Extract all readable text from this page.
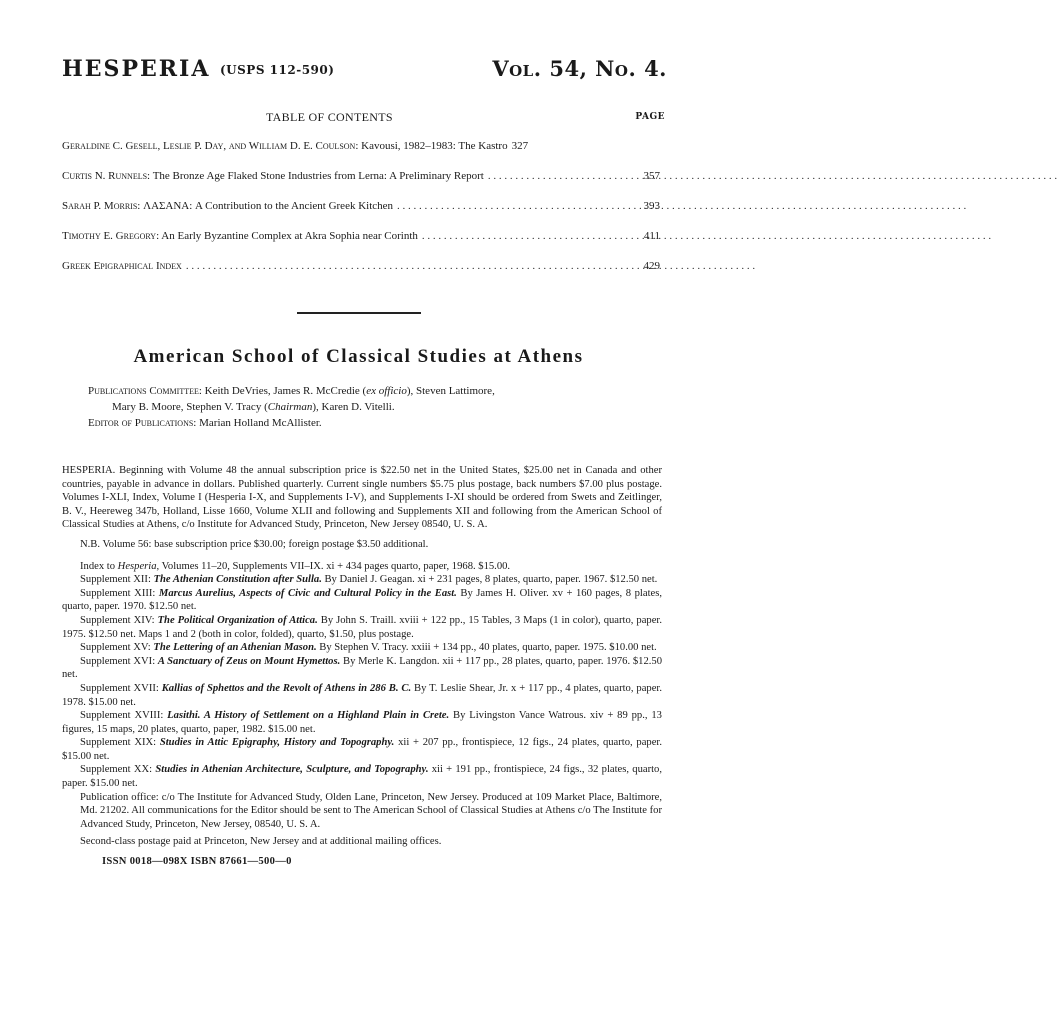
HESPERIA (USPS 112-590)	Vol. 54, No. 4.
TABLE OF CONTENTS	PAGE
Geraldine C. Gesell, Leslie P. Day, and William D. E. Coulson: Kavousi, 1982–1983: The Kastro 327
Curtis N. Runnels: The Bronze Age Flaked Stone Industries from Lerna: A Preliminary Report . . .	357
Sarah P. Morris: ΛΑΣΑΝΑ: A Contribution to the Ancient Greek Kitchen . . .	393
Timothy E. Gregory: An Early Byzantine Complex at Akra Sophia near Corinth . . .	411
Greek Epigraphical Index . . .	429
American School of Classical Studies at Athens
Publications Committee: Keith DeVries, James R. McCredie (ex officio), Steven Lattimore,
Mary B. Moore, Stephen V. Tracy (Chairman), Karen D. Vitelli.
Editor of Publications: Marian Holland McAllister.

HESPERIA. Beginning with Volume 48 the annual subscription price is $22.50 net in the United States, $25.00 net in Canada and other countries, payable in advance in dollars. Published quarterly. Current single numbers $5.75 plus postage, back numbers $7.00 plus postage. Volumes I-XLI, Index, Volume I (Hesperia I-X, and Supplements I-V), and Supplements I-XI should be ordered from Swets and Zeitlinger, B. V., Heereweg 347b, Holland, Lisse 1660, Volume XLII and following and Supplements XII and following from the American School of Classical Studies at Athens, c/o Institute for Advanced Study, Princeton, New Jersey 08540, U. S. A.

N.B. Volume 56: base subscription price $30.00; foreign postage $3.50 additional.

Index to Hesperia, Volumes 11–20, Supplements VII–IX. xi + 434 pages quarto, paper, 1968. $15.00.

Supplement XII: The Athenian Constitution after Sulla. By Daniel J. Geagan. xi + 231 pages, 8 plates, quarto, paper. 1967. $12.50 net.

Supplement XIII: Marcus Aurelius, Aspects of Civic and Cultural Policy in the East. By James H. Oliver. xv + 160 pages, 8 plates, quarto, paper. 1970. $12.50 net.

Supplement XIV: The Political Organization of Attica. By John S. Traill. xviii + 122 pp., 15 Tables, 3 Maps (1 in color), quarto, paper. 1975. $12.50 net. Maps 1 and 2 (both in color, folded), quarto, $1.50, plus postage.

Supplement XV: The Lettering of an Athenian Mason. By Stephen V. Tracy. xxiii + 134 pp., 40 plates, quarto, paper. 1975. $10.00 net.

Supplement XVI: A Sanctuary of Zeus on Mount Hymettos. By Merle K. Langdon. xii + 117 pp., 28 plates, quarto, paper. 1976. $12.50 net.

Supplement XVII: Kallias of Sphettos and the Revolt of Athens in 286 B. C. By T. Leslie Shear, Jr. x + 117 pp., 4 plates, quarto, paper. 1978. $15.00 net.

Supplement XVIII: Lasithi. A History of Settlement on a Highland Plain in Crete. By Livingston Vance Watrous. xiv + 89 pp., 13 figures, 15 maps, 20 plates, quarto, paper, 1982. $15.00 net.

Supplement XIX: Studies in Attic Epigraphy, History and Topography. xii + 207 pp., frontispiece, 12 figs., 24 plates, quarto, paper. $15.00 net.

Supplement XX: Studies in Athenian Architecture, Sculpture, and Topography. xii + 191 pp., frontispiece, 24 figs., 32 plates, quarto, paper. $15.00 net.

Publication office: c/o The Institute for Advanced Study, Olden Lane, Princeton, New Jersey. Produced at 109 Market Place, Baltimore, Md. 21202. All communications for the Editor should be sent to The American School of Classical Studies at Athens c/o The Institute for Advanced Study, Princeton, New Jersey, 08540, U. S. A.

Second-class postage paid at Princeton, New Jersey and at additional mailing offices.

ISSN 0018—098X ISBN 87661—500—0
